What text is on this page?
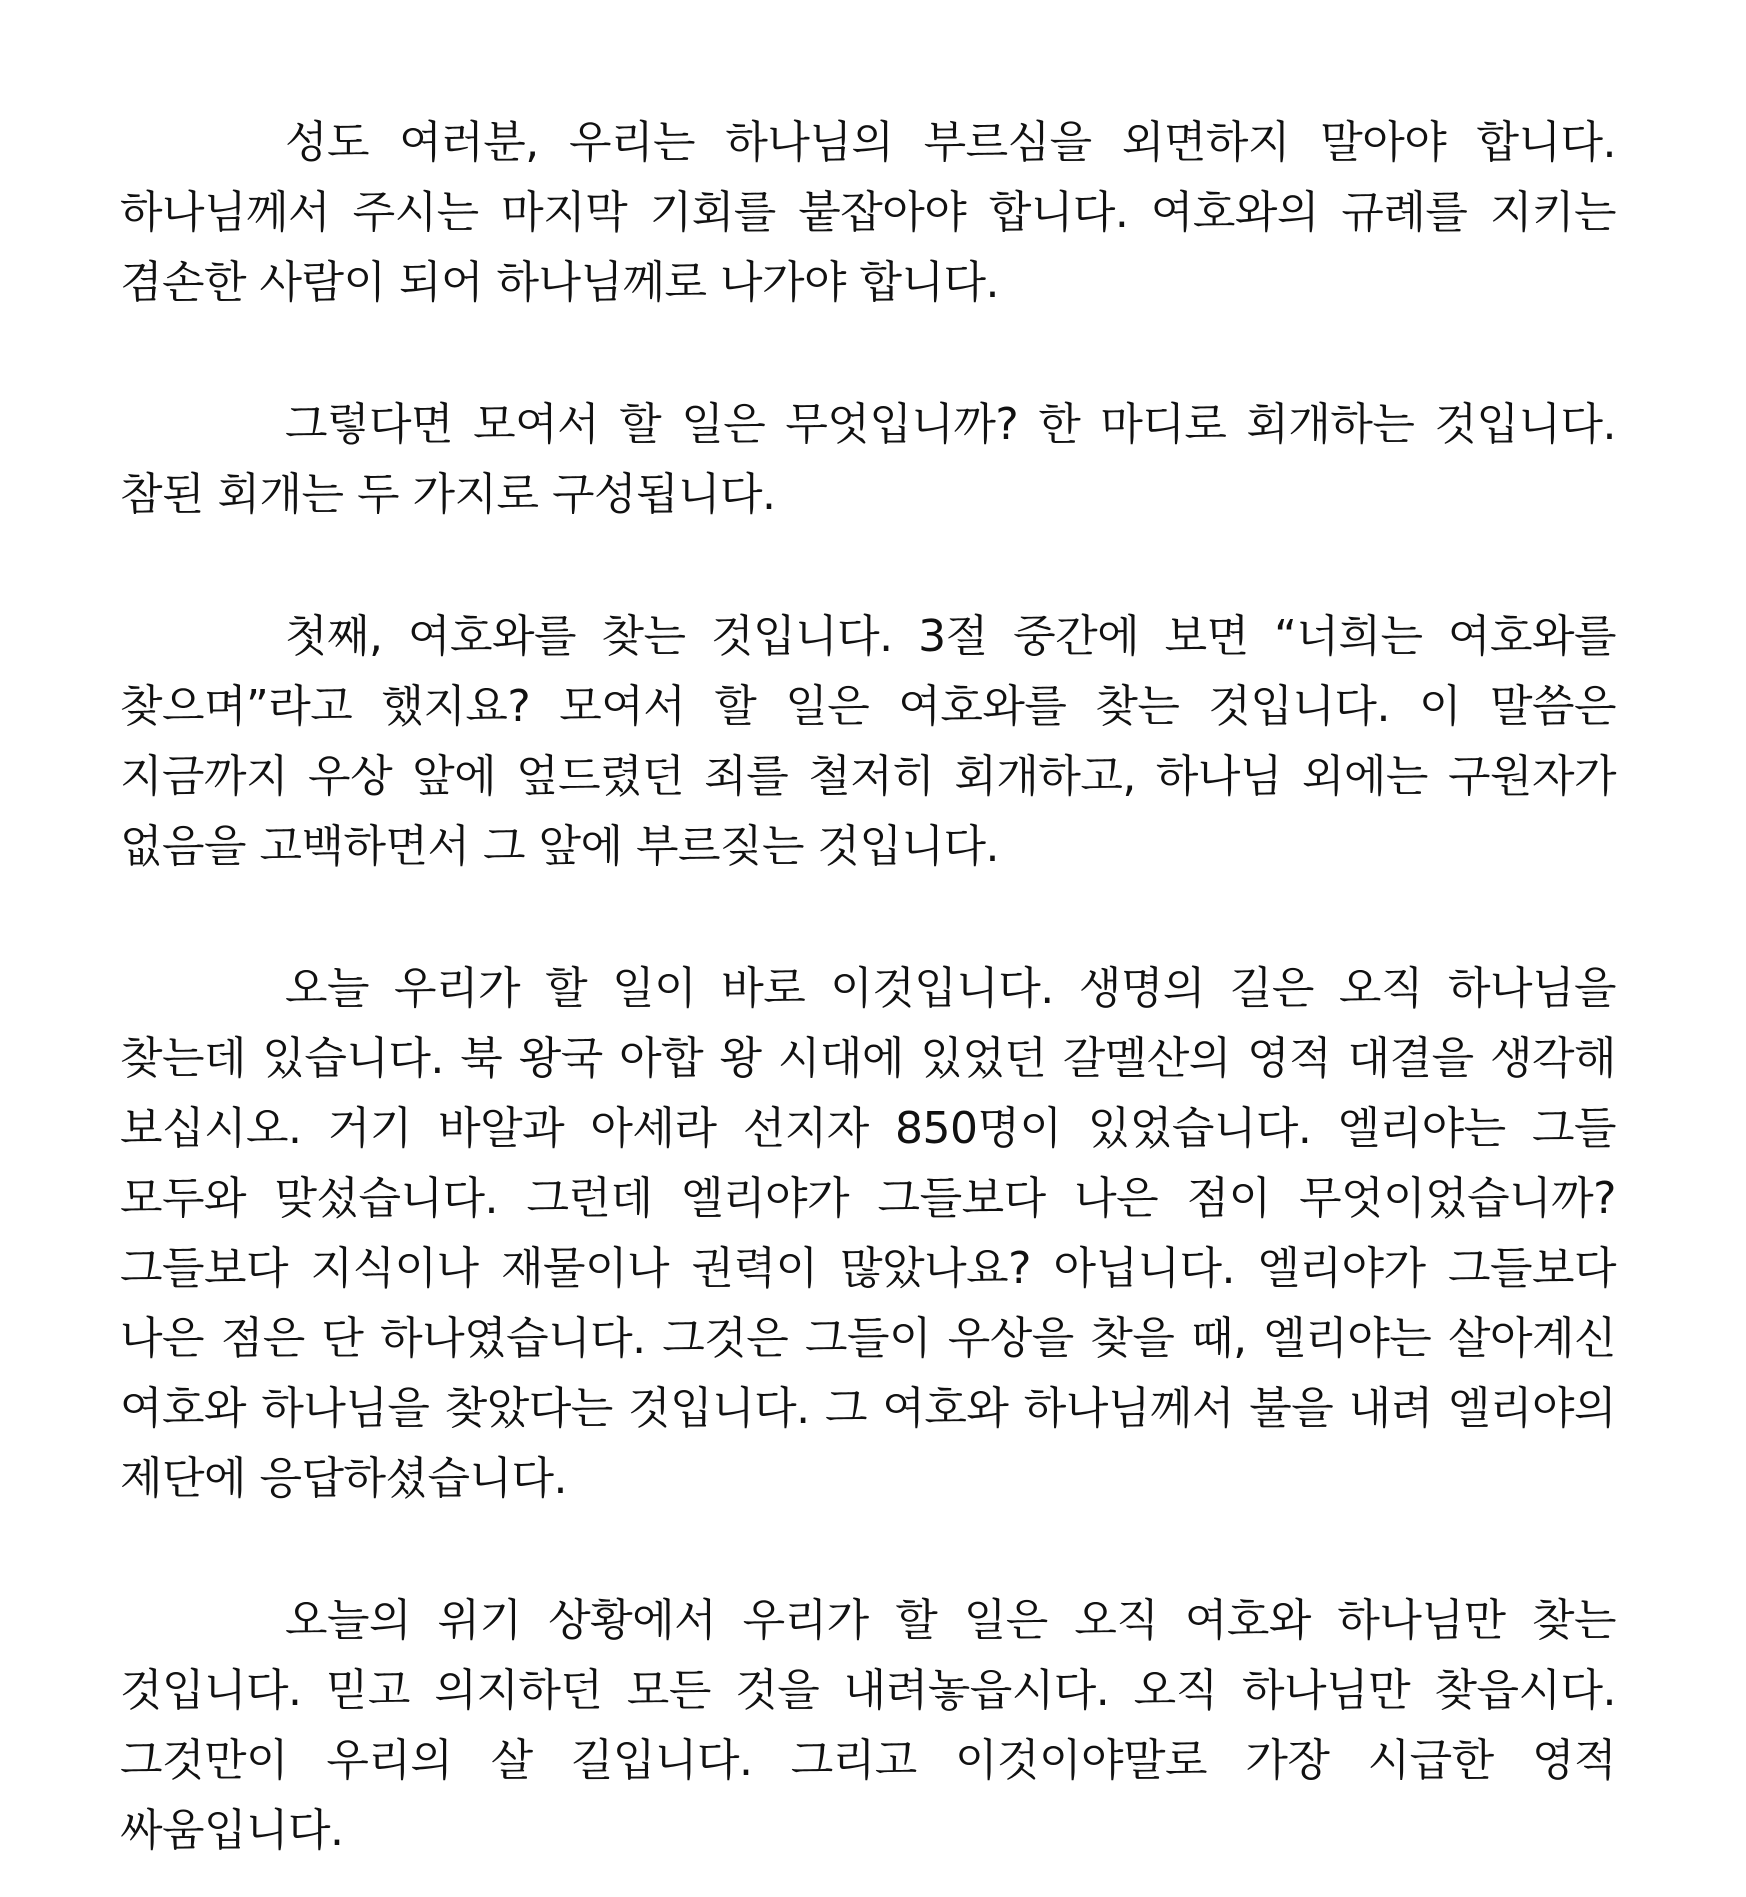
성도 여러분, 우리는 하나님의 부르심을 외면하지 말아야 합니다. 하나님께서 주시는 마지막 기회를 붙잡아야 합니다. 여호와의 규례를 지키는 겸손한 사람이 되어 하나님께로 나가야 합니다.

그렇다면 모여서 할 일은 무엇입니까? 한 마디로 회개하는 것입니다. 참된 회개는 두 가지로 구성됩니다.

첫째, 여호와를 찾는 것입니다. 3절 중간에 보면 “너희는 여호와를 찾으며”라고 했지요? 모여서 할 일은 여호와를 찾는 것입니다. 이 말씀은 지금까지 우상 앞에 엎드렸던 죄를 철저히 회개하고, 하나님 외에는 구원자가 없음을 고백하면서 그 앞에 부르짖는 것입니다.

오늘 우리가 할 일이 바로 이것입니다. 생명의 길은 오직 하나님을 찾는데 있습니다. 북 왕국 아합 왕 시대에 있었던 갈멜산의 영적 대결을 생각해 보십시오. 거기 바알과 아세라 선지자 850명이 있었습니다. 엘리야는 그들 모두와 맞섰습니다. 그런데 엘리야가 그들보다 나은 점이 무엇이었습니까? 그들보다 지식이나 재물이나 권력이 많았나요? 아닙니다. 엘리야가 그들보다 나은 점은 단 하나였습니다. 그것은 그들이 우상을 찾을 때, 엘리야는 살아계신 여호와 하나님을 찾았다는 것입니다. 그 여호와 하나님께서 불을 내려 엘리야의 제단에 응답하셨습니다.

오늘의 위기 상황에서 우리가 할 일은 오직 여호와 하나님만 찾는 것입니다. 믿고 의지하던 모든 것을 내려놓읍시다. 오직 하나님만 찾읍시다. 그것만이 우리의 살 길입니다. 그리고 이것이야말로 가장 시급한 영적 싸움입니다.
